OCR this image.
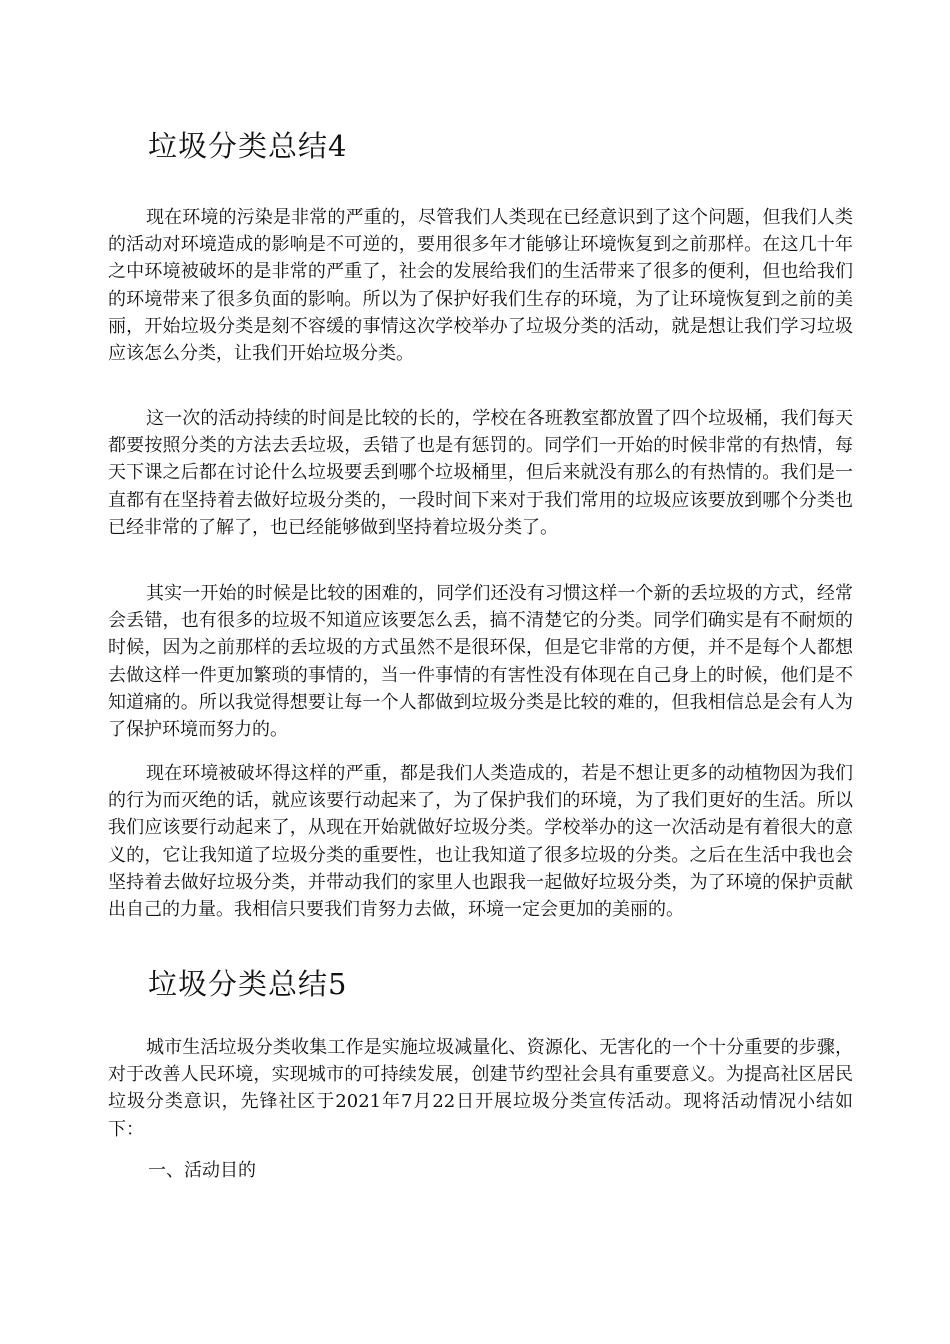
垃圾分类总结4

现在环境的污染是非常的严重的，尽管我们人类现在已经意识到了这个问题，但我们人类的活动对环境造成的影响是不可逆的，要用很多年才能够让环境恢复到之前那样。在这几十年之中环境被破坏的是非常的严重了，社会的发展给我们的生活带来了很多的便利，但也给我们的环境带来了很多负面的影响。所以为了保护好我们生存的环境，为了让环境恢复到之前的美丽，开始垃圾分类是刻不容缓的事情这次学校举办了垃圾分类的活动，就是想让我们学习垃圾应该怎么分类，让我们开始垃圾分类。

这一次的活动持续的时间是比较的长的，学校在各班教室都放置了四个垃圾桶，我们每天都要按照分类的方法去丢垃圾，丢错了也是有惩罚的。同学们一开始的时候非常的有热情，每天下课之后都在讨论什么垃圾要丢到哪个垃圾桶里，但后来就没有那么的有热情的。我们是一直都有在坚持着去做好垃圾分类的，一段时间下来对于我们常用的垃圾应该要放到哪个分类也已经非常的了解了，也已经能够做到坚持着垃圾分类了。

其实一开始的时候是比较的困难的，同学们还没有习惯这样一个新的丢垃圾的方式，经常会丢错，也有很多的垃圾不知道应该要怎么丢，搞不清楚它的分类。同学们确实是有不耐烦的时候，因为之前那样的丢垃圾的方式虽然不是很环保，但是它非常的方便，并不是每个人都想去做这样一件更加繁琐的事情的，当一件事情的有害性没有体现在自己身上的时候，他们是不知道痛的。所以我觉得想要让每一个人都做到垃圾分类是比较的难的，但我相信总是会有人为了保护环境而努力的。

现在环境被破坏得这样的严重，都是我们人类造成的，若是不想让更多的动植物因为我们的行为而灭绝的话，就应该要行动起来了，为了保护我们的环境，为了我们更好的生活。所以我们应该要行动起来了，从现在开始就做好垃圾分类。学校举办的这一次活动是有着很大的意义的，它让我知道了垃圾分类的重要性，也让我知道了很多垃圾的分类。之后在生活中我也会坚持着去做好垃圾分类，并带动我们的家里人也跟我一起做好垃圾分类，为了环境的保护贡献出自己的力量。我相信只要我们肯努力去做，环境一定会更加的美丽的。

垃圾分类总结5

城市生活垃圾分类收集工作是实施垃圾减量化、资源化、无害化的一个十分重要的步骤，对于改善人民环境，实现城市的可持续发展，创建节约型社会具有重要意义。为提高社区居民垃圾分类意识，先锋社区于2021年7月22日开展垃圾分类宣传活动。现将活动情况小结如下：

一、活动目的
